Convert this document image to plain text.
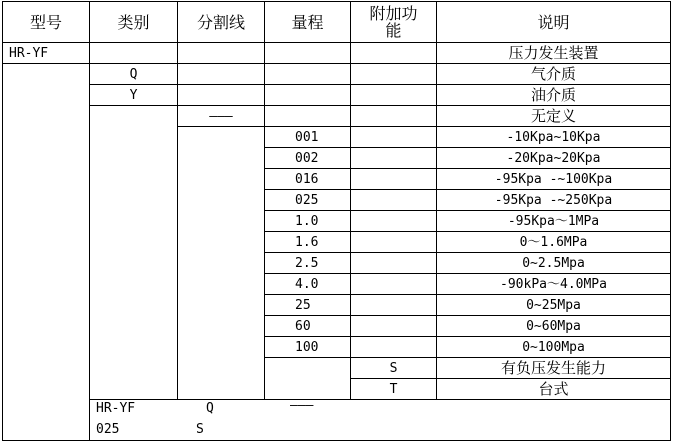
型号	类别	分割线	量程	附加功能	说明	
HR-YF					压力发生装置	
	Q				气介质	
	Y				油介质	
		———			无定义	
			001		-10Kpa~10Kpa	
			002		-20Kpa~20Kpa	
			016		-95Kpa -~100Kpa	
			025		-95Kpa -~250Kpa	
			1.0		-95Kpa～1MPa	
			1.6		0～1.6MPa	
			2.5		0~2.5Mpa	
			4.0		-90kPa～4.0MPa	
			25		0~25Mpa	
			60		0~60Mpa	
			100		0~100Mpa	
				S	有负压发生能力	
				T	台式	

	HR-YF Q ———
025 S
